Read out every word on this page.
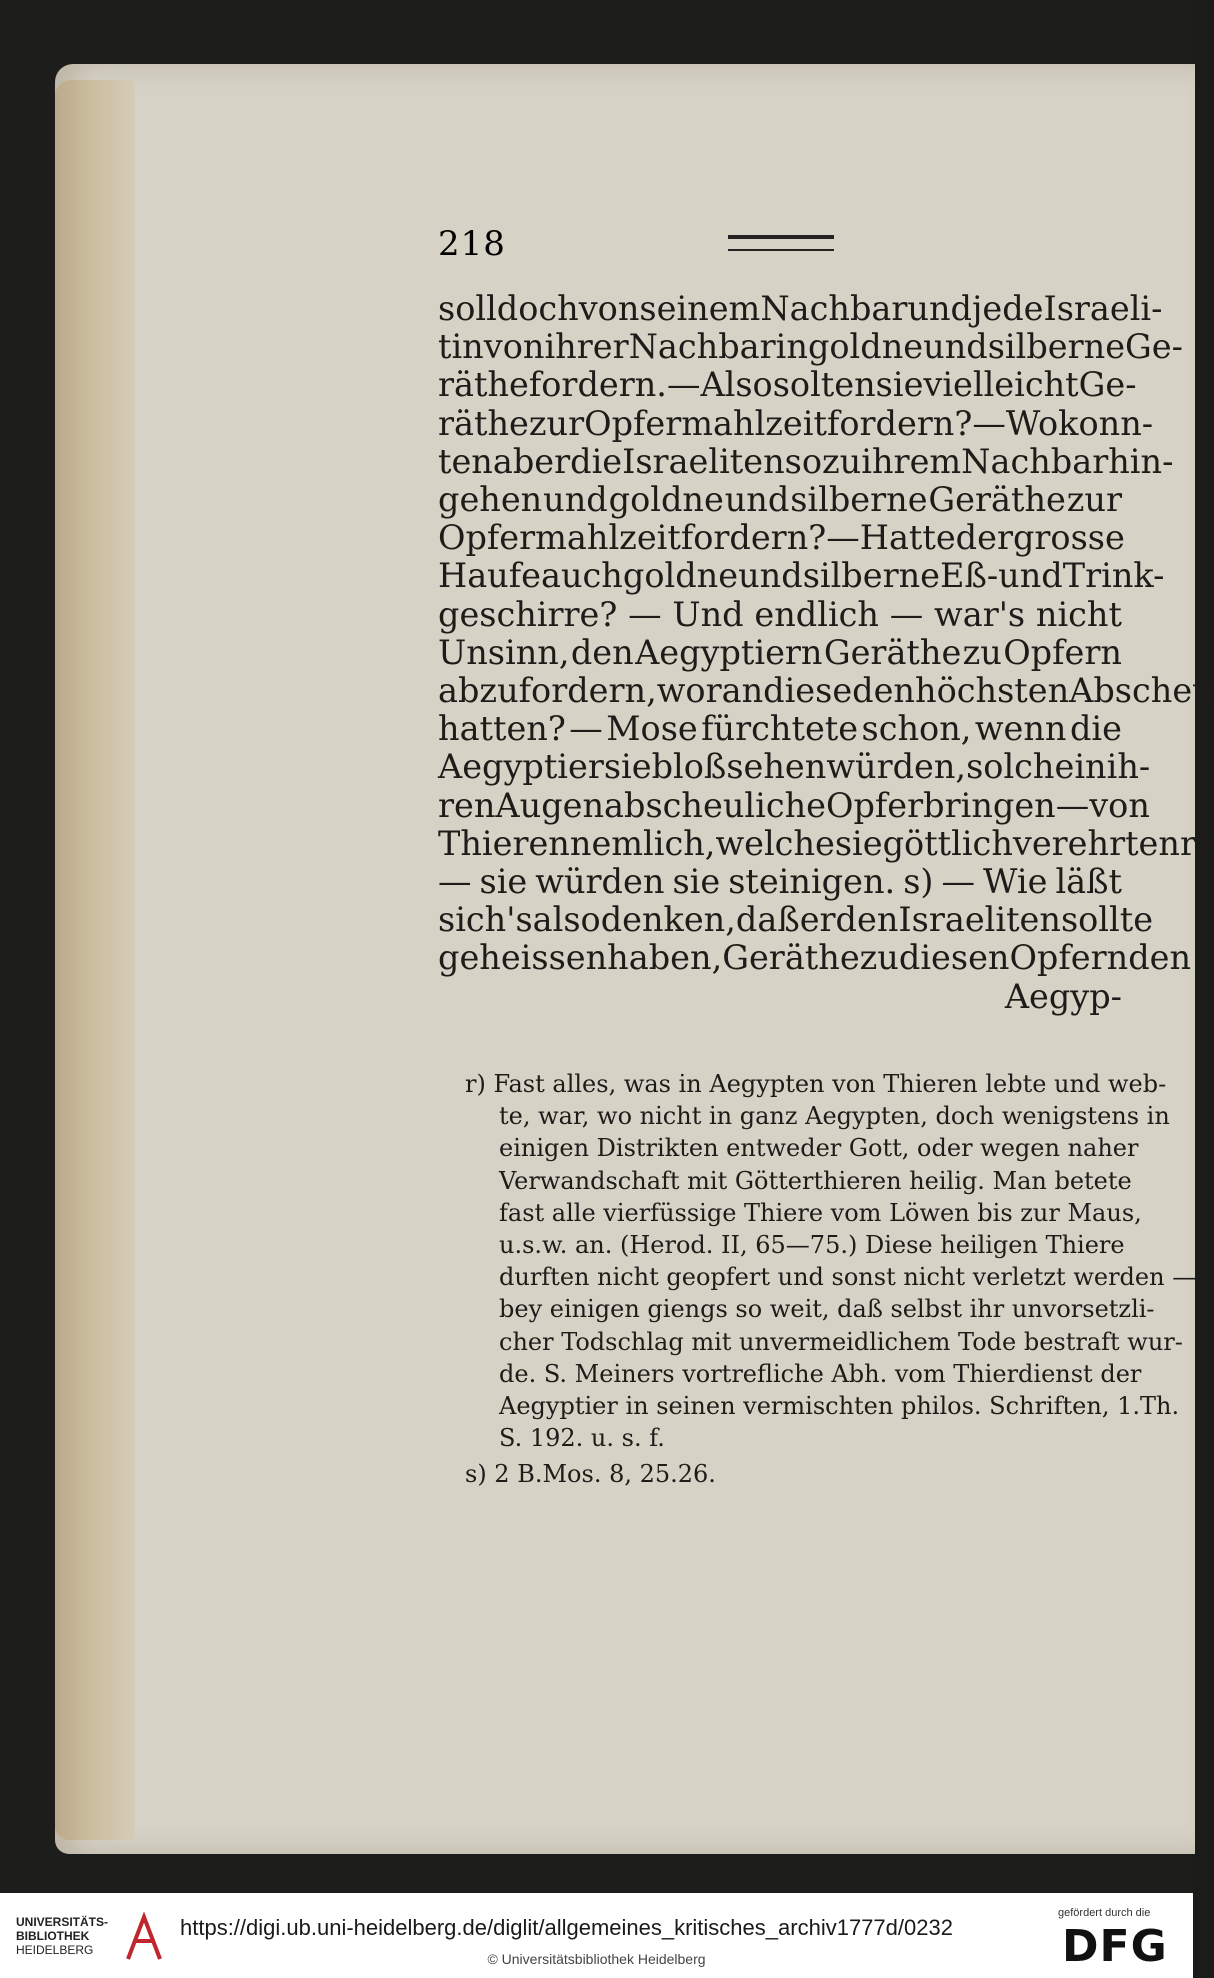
218
soll doch von seinem Nachbar und jede Israeli-
tin von ihrer Nachbarin goldne und silberne Ge-
räthe fordern. — Also solten sie vielleicht Ge-
räthe zur Opfermahlzeit fordern? — Wo konn-
ten aber die Israeliten so zu ihrem Nachbar hin-
gehen und goldne und silberne Geräthe zur
Opfermahlzeit fordern? — Hatte der grosse
Haufe auch goldne und silberne Eß- und Trink-
geschirre? — Und endlich — war's nicht
Unsinn, den Aegyptiern Geräthe zu Opfern
abzufordern, woran diese den höchsten Abscheu
hatten? — Mose fürchtete schon, wenn die
Aegyptier sie bloß sehen würden, solche in ih-
ren Augen abscheuliche Opfer bringen — von
Thieren nemlich, welche sie göttlich verehrten r)
— sie würden sie steinigen. s) — Wie läßt
sich's also denken, daß er den Israeliten sollte
geheissen haben, Geräthe zu diesen Opfern den
Aegyp-
r) Fast alles, was in Aegypten von Thieren lebte und web-
te, war, wo nicht in ganz Aegypten, doch wenigstens in
einigen Distrikten entweder Gott, oder wegen naher
Verwandschaft mit Götterthieren heilig. Man betete
fast alle vierfüssige Thiere vom Löwen bis zur Maus,
u.s.w. an. (Herod. II, 65—75.) Diese heiligen Thiere
durften nicht geopfert und sonst nicht verletzt werden —
bey einigen giengs so weit, daß selbst ihr unvorsetzli-
cher Todschlag mit unvermeidlichem Tode bestraft wur-
de. S. Meiners vortrefliche Abh. vom Thierdienst der
Aegyptier in seinen vermischten philos. Schriften, 1.Th.
S. 192. u. s. f.
s) 2 B.Mos. 8, 25.26.
UNIVERSITÄTS-
BIBLIOTHEK
HEIDELBERG
https://digi.ub.uni-heidelberg.de/diglit/allgemeines_kritisches_archiv1777d/0232
© Universitätsbibliothek Heidelberg
gefördert durch die
DFG
